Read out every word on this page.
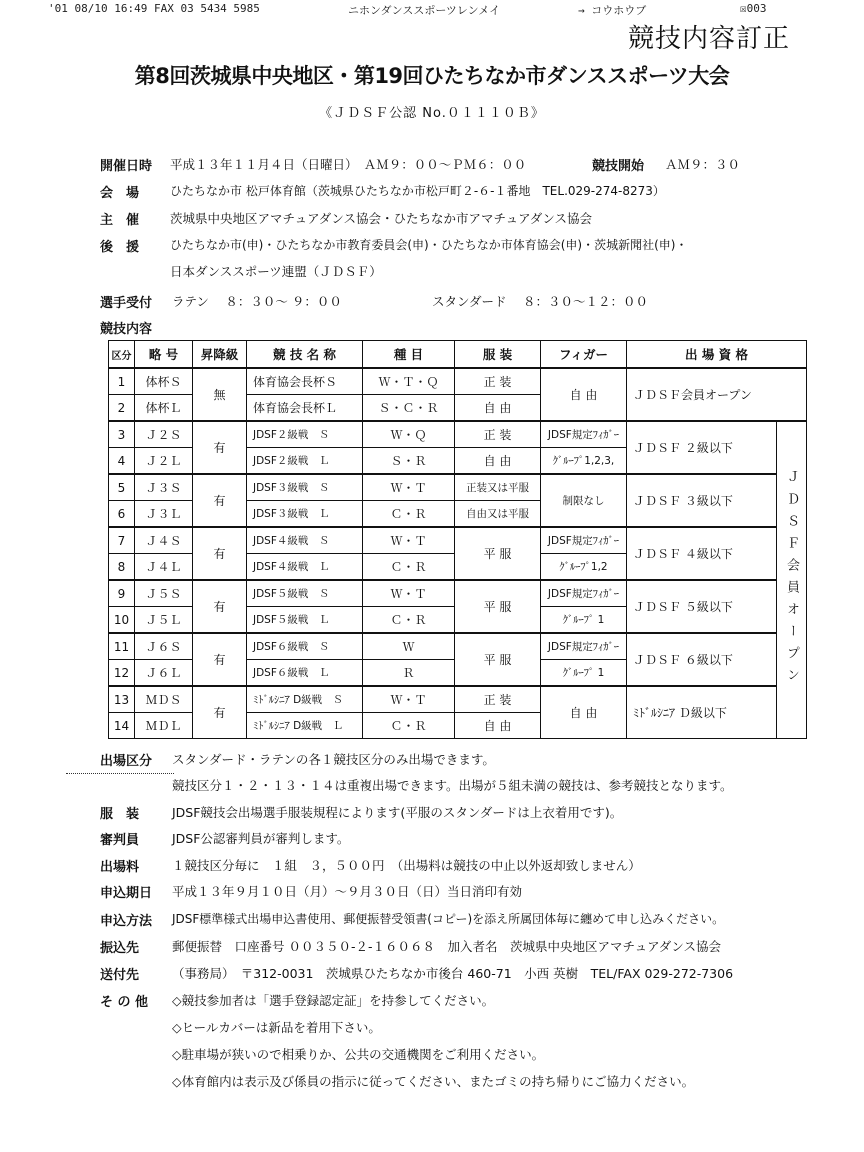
'01 08/10 16:49 FAX 03 5434 5985	ニホンダンススポーツレンメイ	→ コウホウブ	☒003
競技内容訂正
第8回茨城県中央地区・第19回ひたちなか市ダンススポーツ大会
《ＪＤＳＦ公認 No.０１１１０Ｂ》
開催日時	平成１３年１１月４日（日曜日）　ＡＭ９：００〜ＰＭ６：００	競技開始	ＡＭ９：３０
会　場	ひたちなか市 松戸体育館（茨城県ひたちなか市松戸町２-６-１番地　TEL.029-274-8273）
主　催	茨城県中央地区アマチュアダンス協会・ひたちなか市アマチュアダンス協会
後　援	ひたちなか市(申)・ひたちなか市教育委員会(申)・ひたちなか市体育協会(申)・茨城新聞社(申)・
日本ダンススポーツ連盟（ＪＤＳＦ）
選手受付	ラテン　 ８：３０〜 ９：００	スタンダード　 ８：３０〜１２：００
競技内容
区分	略 号	昇降級	競 技 名 称	種 目	服 装	フィガー	出 場 資 格	
1	体杯Ｓ	無	体育協会長杯Ｓ	Ｗ・Ｔ・Ｑ	正 装	自 由	ＪＤＳＦ会員オープン	
2	体杯Ｌ		体育協会長杯Ｌ	Ｓ・Ｃ・Ｒ	自 由			
3	Ｊ２Ｓ	有	JDSF２級戦　Ｓ	Ｗ・Ｑ	正 装	JDSF規定ﾌｨｶﾞｰ	ＪＤＳＦ ２級以下	ＪＤＳＦ会員オープン
4	Ｊ２Ｌ		JDSF２級戦　Ｌ	Ｓ・Ｒ	自 由	ｸﾞﾙｰﾌﾟ1,2,3,		
5	Ｊ３Ｓ	有	JDSF３級戦　Ｓ	Ｗ・Ｔ	正装又は平服	制限なし	ＪＤＳＦ ３級以下	
6	Ｊ３Ｌ		JDSF３級戦　Ｌ	Ｃ・Ｒ	自由又は平服			
7	Ｊ４Ｓ	有	JDSF４級戦　Ｓ	Ｗ・Ｔ	平 服	JDSF規定ﾌｨｶﾞｰ	ＪＤＳＦ ４級以下	
8	Ｊ４Ｌ		JDSF４級戦　Ｌ	Ｃ・Ｒ		ｸﾞﾙｰﾌﾟ1,2		
9	Ｊ５Ｓ	有	JDSF５級戦　Ｓ	Ｗ・Ｔ	平 服	JDSF規定ﾌｨｶﾞｰ	ＪＤＳＦ ５級以下	
10	Ｊ５Ｌ		JDSF５級戦　Ｌ	Ｃ・Ｒ		ｸﾞﾙｰﾌﾟ 1		
11	Ｊ６Ｓ	有	JDSF６級戦　Ｓ	Ｗ	平 服	JDSF規定ﾌｨｶﾞｰ	ＪＤＳＦ ６級以下	
12	Ｊ６Ｌ		JDSF６級戦　Ｌ	Ｒ		ｸﾞﾙｰﾌﾟ 1		
13	ＭＤＳ	有	ﾐﾄﾞﾙｼﾆｱ D級戦　Ｓ	Ｗ・Ｔ	正 装	自 由	ﾐﾄﾞﾙｼﾆｱ Ｄ級以下	
14	ＭＤＬ		ﾐﾄﾞﾙｼﾆｱ D級戦　Ｌ	Ｃ・Ｒ	自 由			
出場区分	スタンダード・ラテンの各１競技区分のみ出場できます。
競技区分１・２・１３・１４は重複出場できます。出場が５組未満の競技は、参考競技となります。
服　装	JDSF競技会出場選手服装規程によります(平服のスタンダードは上衣着用です)。
審判員	JDSF公認審判員が審判します。
出場料	１競技区分毎に　１組　３，５００円　（出場料は競技の中止以外返却致しません）
申込期日	平成１３年９月１０日（月）〜９月３０日（日）当日消印有効
申込方法	JDSF標準様式出場申込書使用、郵便振替受領書(コピー)を添え所属団体毎に纏めて申し込みください。
振込先	郵便振替　口座番号 ００３５０-２-１６０６８　加入者名　茨城県中央地区アマチュアダンス協会
送付先	（事務局）　〒312-0031　茨城県ひたちなか市後台 460-71　小西 英樹　TEL/FAX 029-272-7306
そ の 他	◇競技参加者は「選手登録認定証」を持参してください。
◇ヒールカバーは新品を着用下さい。
◇駐車場が狭いので相乗りか、公共の交通機関をご利用ください。
◇体育館内は表示及び係員の指示に従ってください、またゴミの持ち帰りにご協力ください。
